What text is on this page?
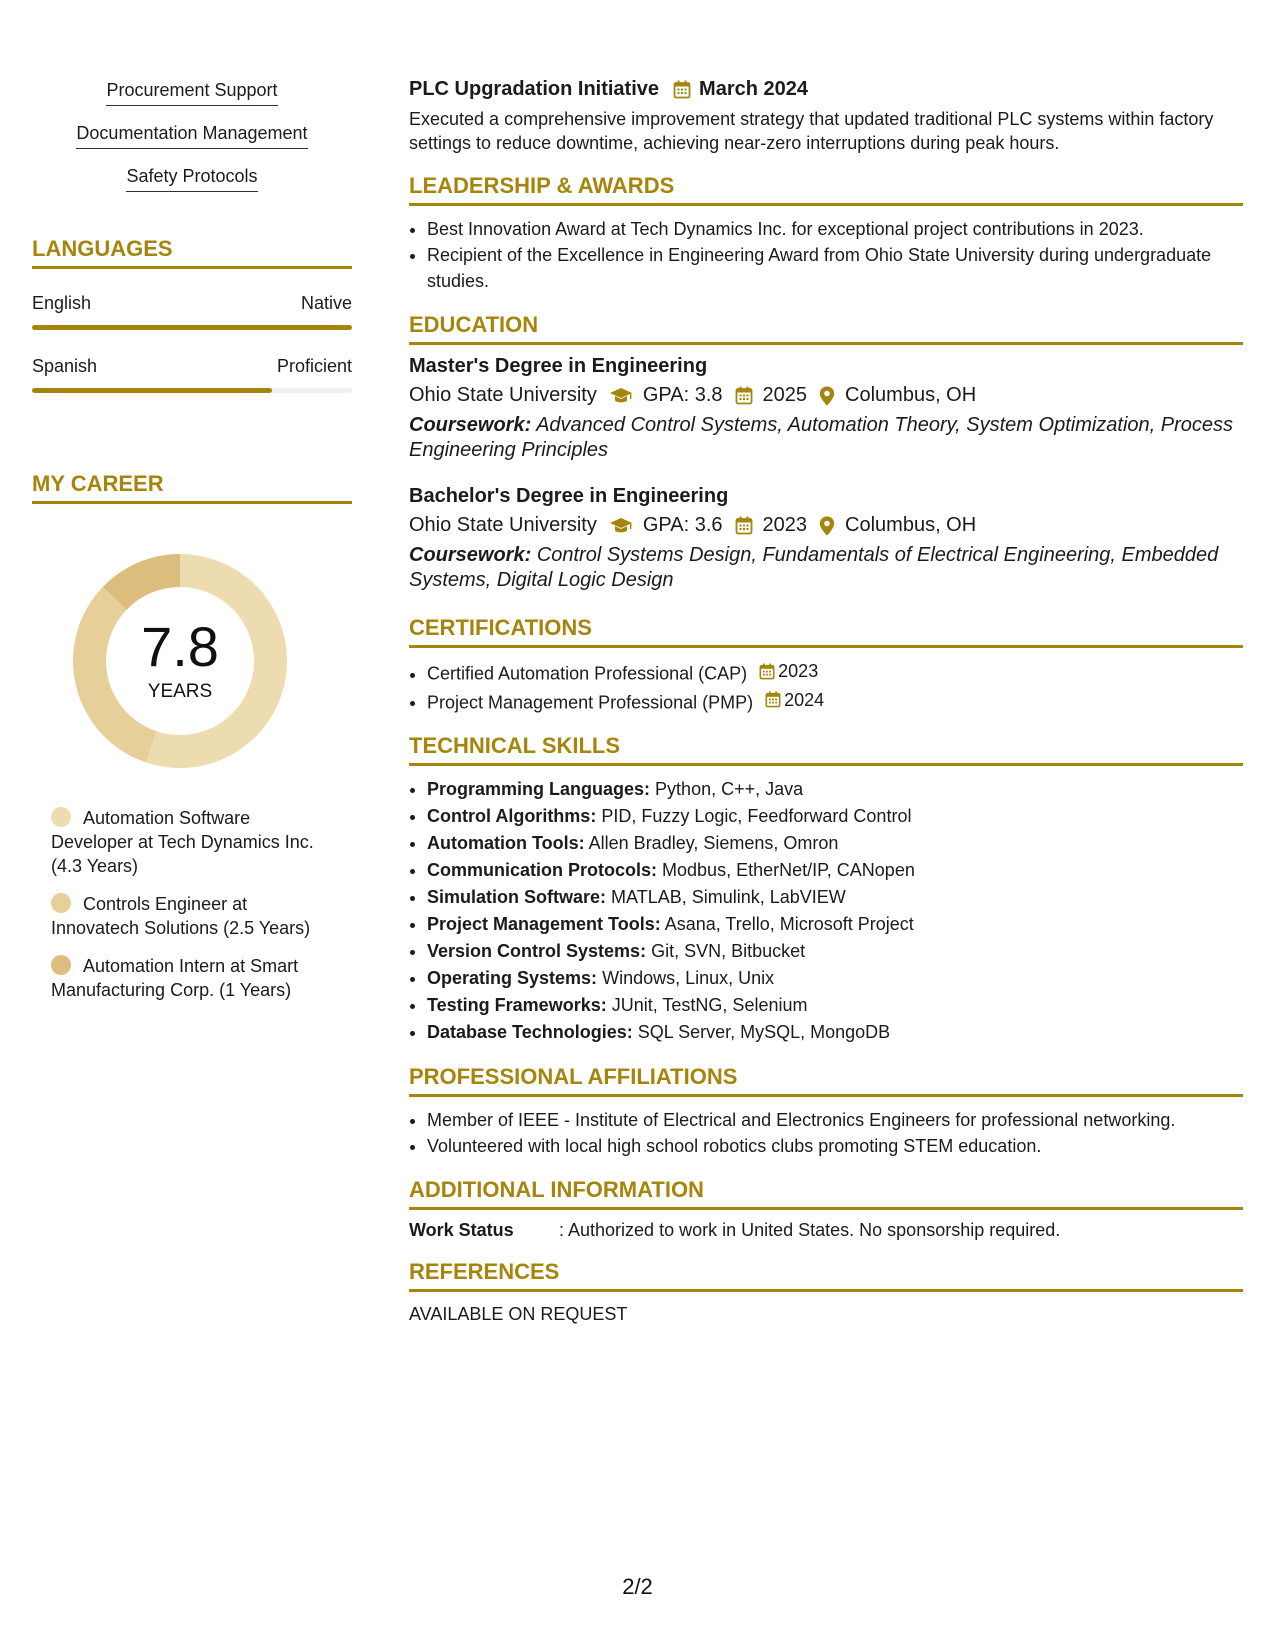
Procurement Support
Documentation Management
Safety Protocols
LANGUAGES
English	Native
Spanish	Proficient
MY CAREER
7.8
YEARS
Automation Software Developer at Tech Dynamics Inc. (4.3 Years)
Controls Engineer at Innovatech Solutions (2.5 Years)
Automation Intern at Smart Manufacturing Corp. (1 Years)
PLC Upgradation Initiative March 2024

Executed a comprehensive improvement strategy that updated traditional PLC systems within factory settings to reduce downtime, achieving near-zero interruptions during peak hours.

LEADERSHIP & AWARDS
• Best Innovation Award at Tech Dynamics Inc. for exceptional project contributions in 2023.
• Recipient of the Excellence in Engineering Award from Ohio State University during undergraduate studies.
EDUCATION
Master's Degree in Engineering
Ohio State University GPA: 3.8 2025 Columbus, OH
Coursework: Advanced Control Systems, Automation Theory, System Optimization, Process Engineering Principles
Bachelor's Degree in Engineering
Ohio State University GPA: 3.6 2023 Columbus, OH
Coursework: Control Systems Design, Fundamentals of Electrical Engineering, Embedded Systems, Digital Logic Design
CERTIFICATIONS
• Certified Automation Professional (CAP) 2023
• Project Management Professional (PMP) 2024
TECHNICAL SKILLS
• Programming Languages: Python, C++, Java
• Control Algorithms: PID, Fuzzy Logic, Feedforward Control
• Automation Tools: Allen Bradley, Siemens, Omron
• Communication Protocols: Modbus, EtherNet/IP, CANopen
• Simulation Software: MATLAB, Simulink, LabVIEW
• Project Management Tools: Asana, Trello, Microsoft Project
• Version Control Systems: Git, SVN, Bitbucket
• Operating Systems: Windows, Linux, Unix
• Testing Frameworks: JUnit, TestNG, Selenium
• Database Technologies: SQL Server, MySQL, MongoDB
PROFESSIONAL AFFILIATIONS
• Member of IEEE - Institute of Electrical and Electronics Engineers for professional networking.
• Volunteered with local high school robotics clubs promoting STEM education.
ADDITIONAL INFORMATION
Work Status	: Authorized to work in United States. No sponsorship required.
REFERENCES
AVAILABLE ON REQUEST
2/2
